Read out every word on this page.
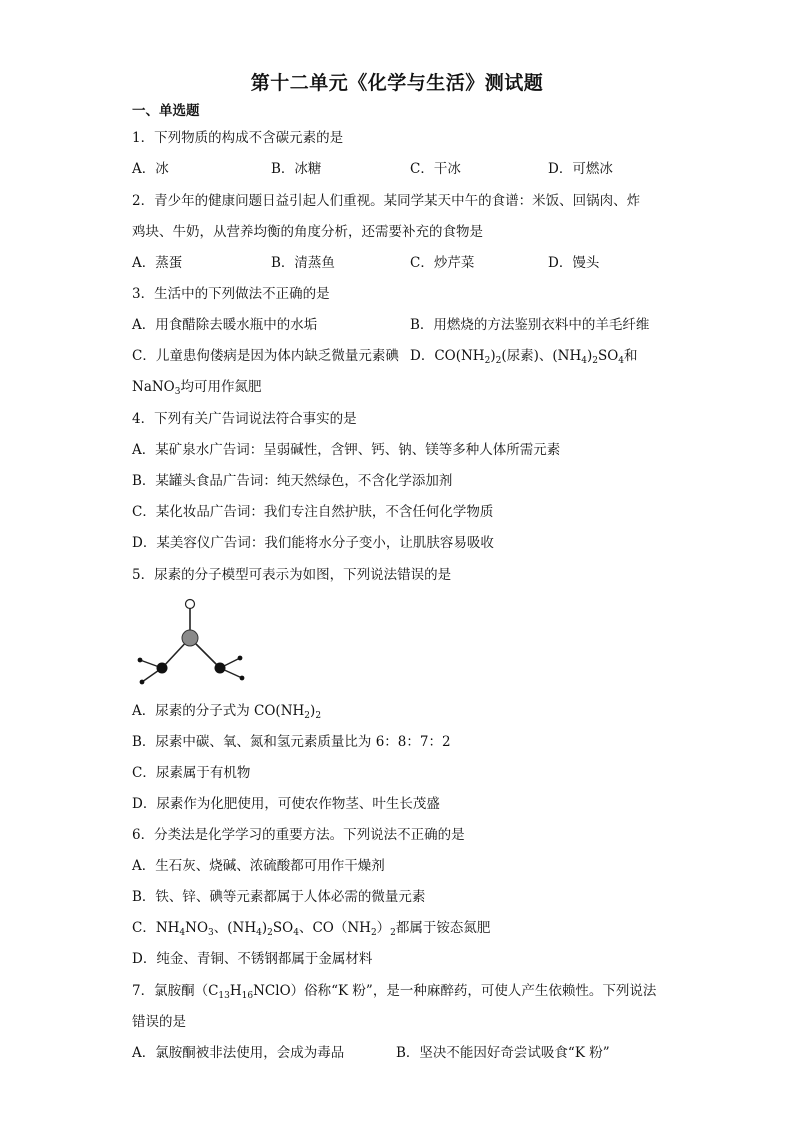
第十二单元《化学与生活》测试题
一、单选题
1．下列物质的构成不含碳元素的是
A．冰	B．冰糖	C．干冰	D．可燃冰
2．青少年的健康问题日益引起人们重视。某同学某天中午的食谱：米饭、回锅肉、炸
鸡块、牛奶，从营养均衡的角度分析，还需要补充的食物是
A．蒸蛋	B．清蒸鱼	C．炒芹菜	D．馒头
3．生活中的下列做法不正确的是
A．用食醋除去暖水瓶中的水垢	B．用燃烧的方法鉴别衣料中的羊毛纤维
C．儿童患佝偻病是因为体内缺乏微量元素碘 D．$CO(NH_2)_2$(尿素)、$(NH_4)_2SO_4$和
NaNO$_3$均可用作氮肥
4．下列有关广告词说法符合事实的是
A．某矿泉水广告词：呈弱碱性，含钾、钙、钠、镁等多种人体所需元素
B．某罐头食品广告词：纯天然绿色，不含化学添加剂
C．某化妆品广告词：我们专注自然护肤，不含任何化学物质
D．某美容仪广告词：我们能将水分子变小，让肌肤容易吸收
5．尿素的分子模型可表示为如图，下列说法错误的是
A．尿素的分子式为 $CO(NH_2)_2$
B．尿素中碳、氧、氮和氢元素质量比为 6：8：7：2
C．尿素属于有机物
D．尿素作为化肥使用，可使农作物茎、叶生长茂盛
6．分类法是化学学习的重要方法。下列说法不正确的是
A．生石灰、烧碱、浓硫酸都可用作干燥剂
B．铁、锌、碘等元素都属于人体必需的微量元素
C．$NH_4NO_3$、$(NH_4)_2SO_4$、$CO(NH_2)_2$都属于铵态氮肥
D．纯金、青铜、不锈钢都属于金属材料
7．氯胺酮$(C_{13}H_{16}NClO)$俗称“K 粉”，是一种麻醉药，可使人产生依赖性。下列说法
错误的是
A．氯胺酮被非法使用，会成为毒品	B．坚决不能因好奇尝试吸食“K 粉”
